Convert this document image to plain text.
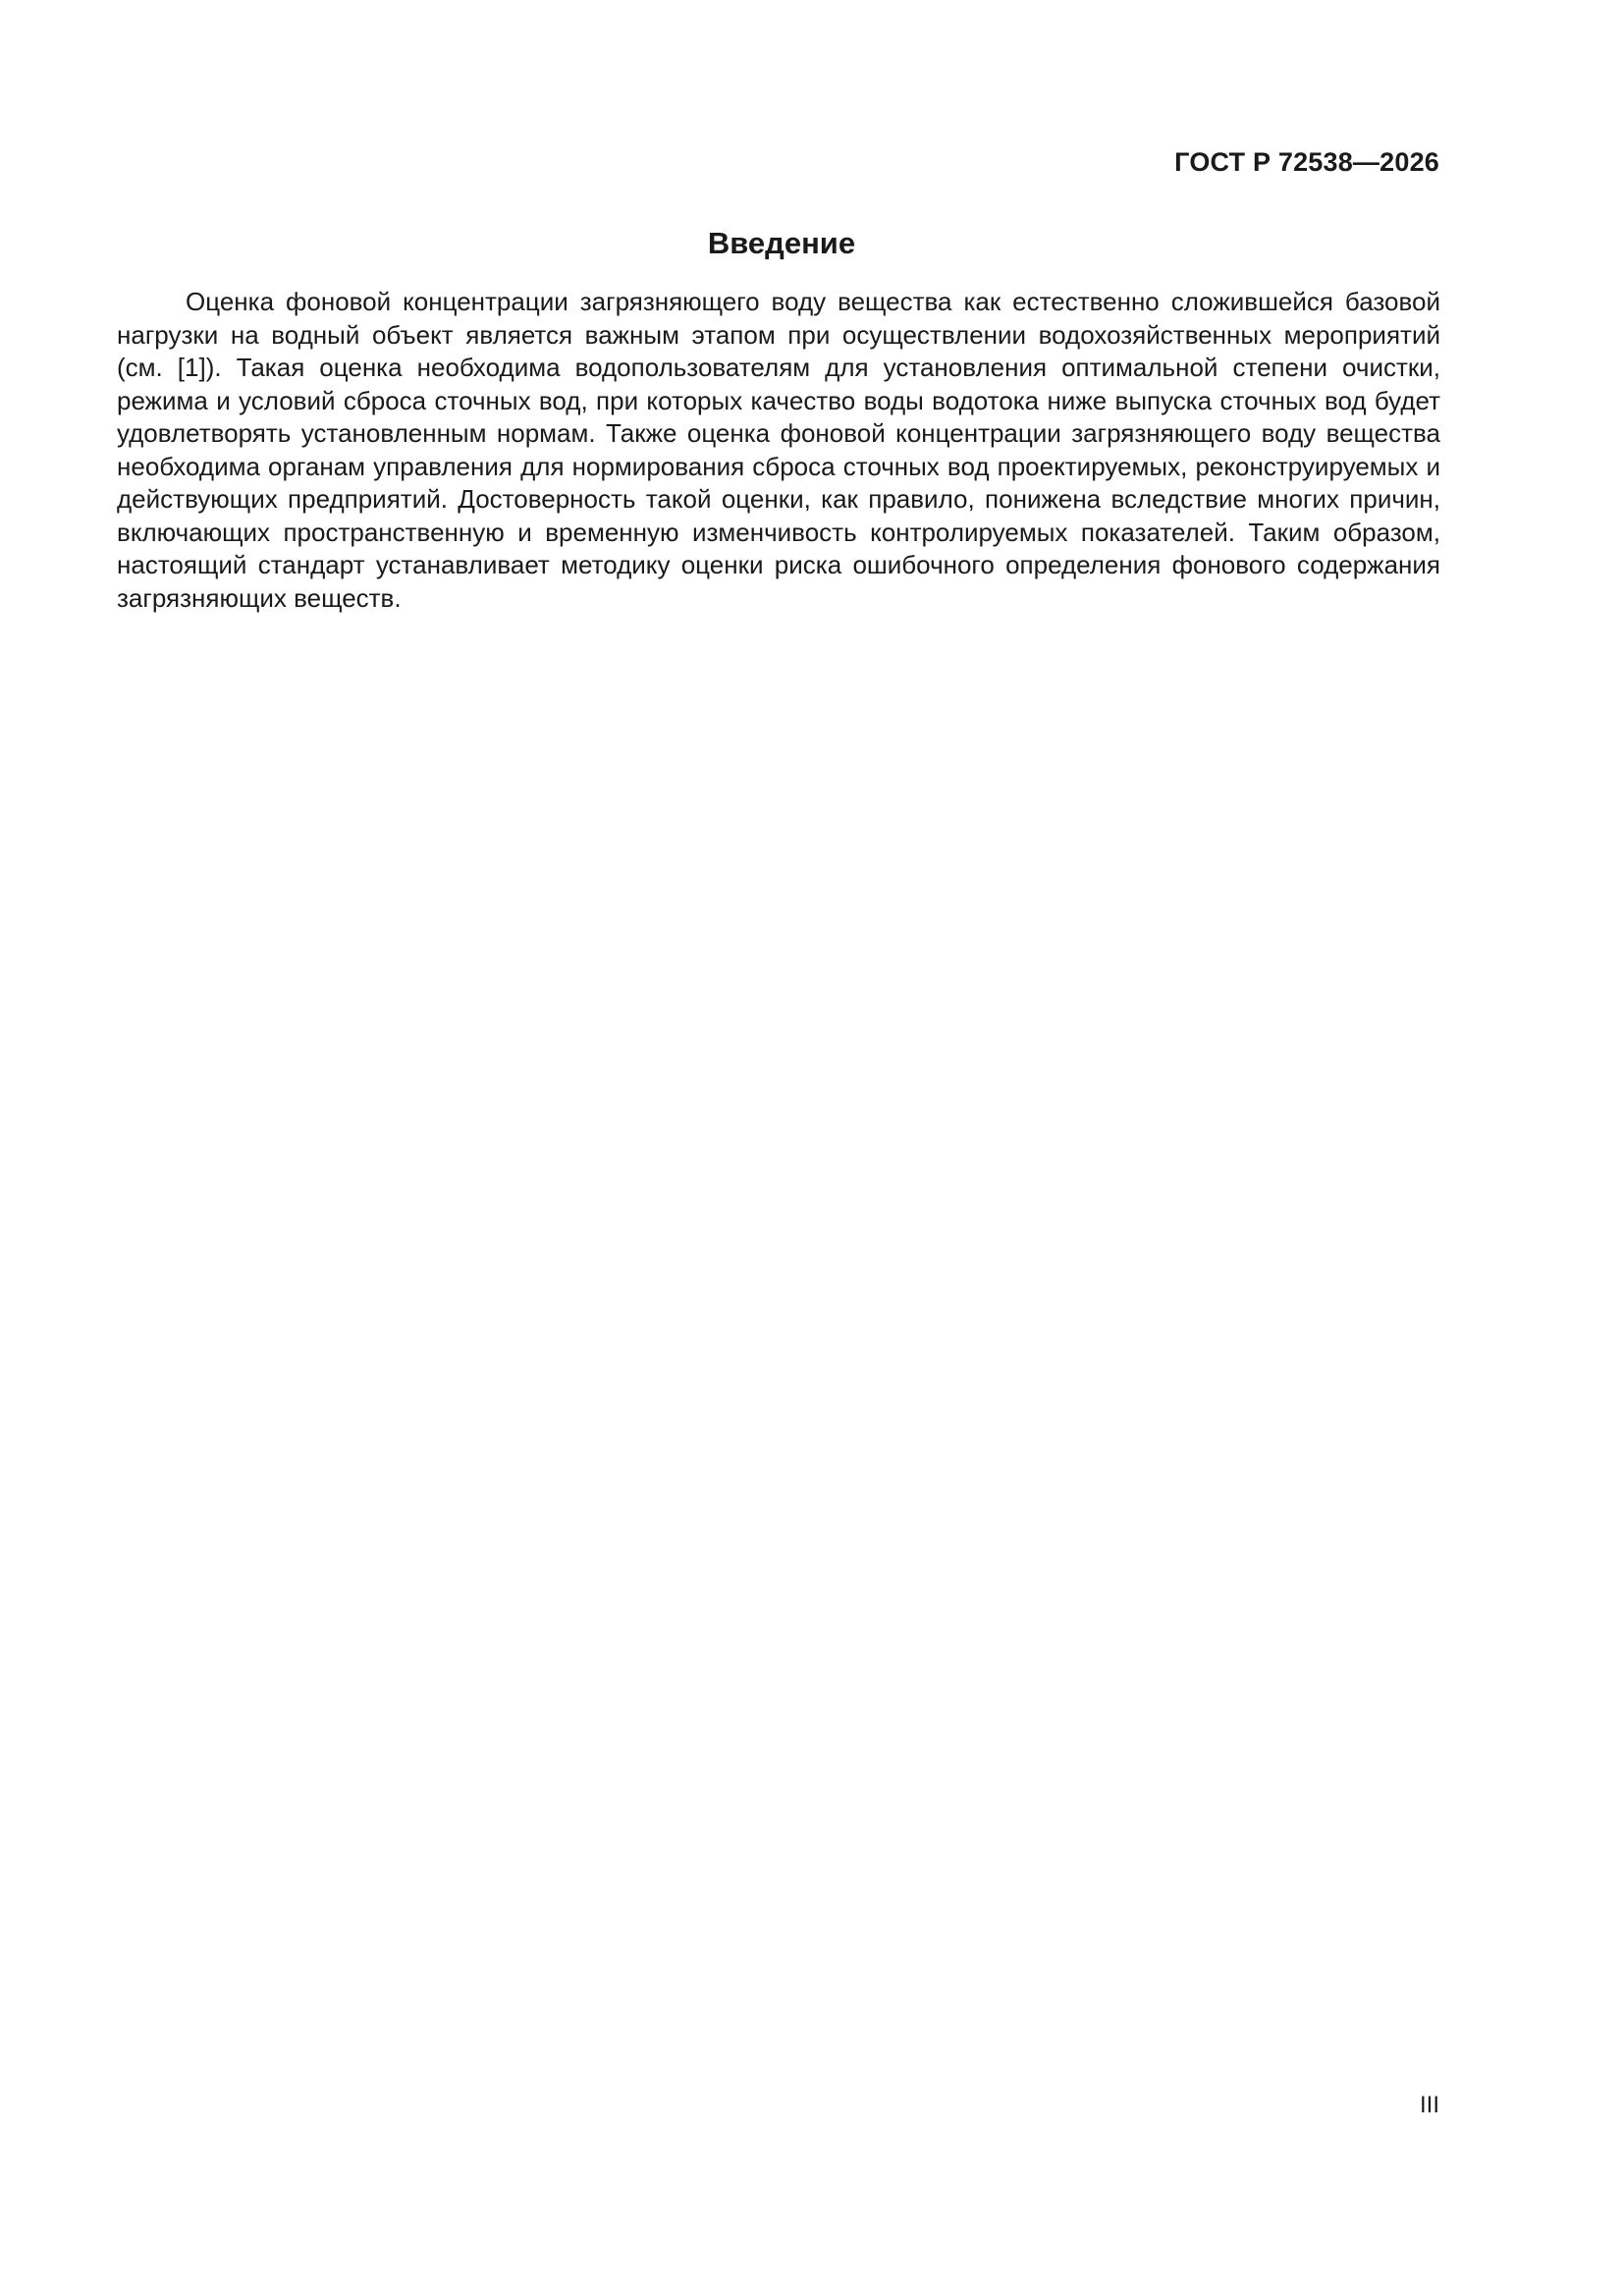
ГОСТ Р 72538—2026
Введение

Оценка фоновой концентрации загрязняющего воду вещества как естественно сложившейся базовой нагрузки на водный объект является важным этапом при осуществлении водохозяйственных мероприятий (см. [1]). Такая оценка необходима водопользователям для установления оптимальной степени очистки, режима и условий сброса сточных вод, при которых качество воды водотока ниже выпуска сточных вод будет удовлетворять установленным нормам. Также оценка фоновой концентрации загрязняющего воду вещества необходима органам управления для нормирования сброса сточных вод проектируемых, реконструируемых и действующих предприятий. Достоверность такой оценки, как правило, понижена вследствие многих причин, включающих пространственную и временную изменчивость контролируемых показателей. Таким образом, настоящий стандарт устанавливает методику оценки риска ошибочного определения фонового содержания загрязняющих веществ.

III
